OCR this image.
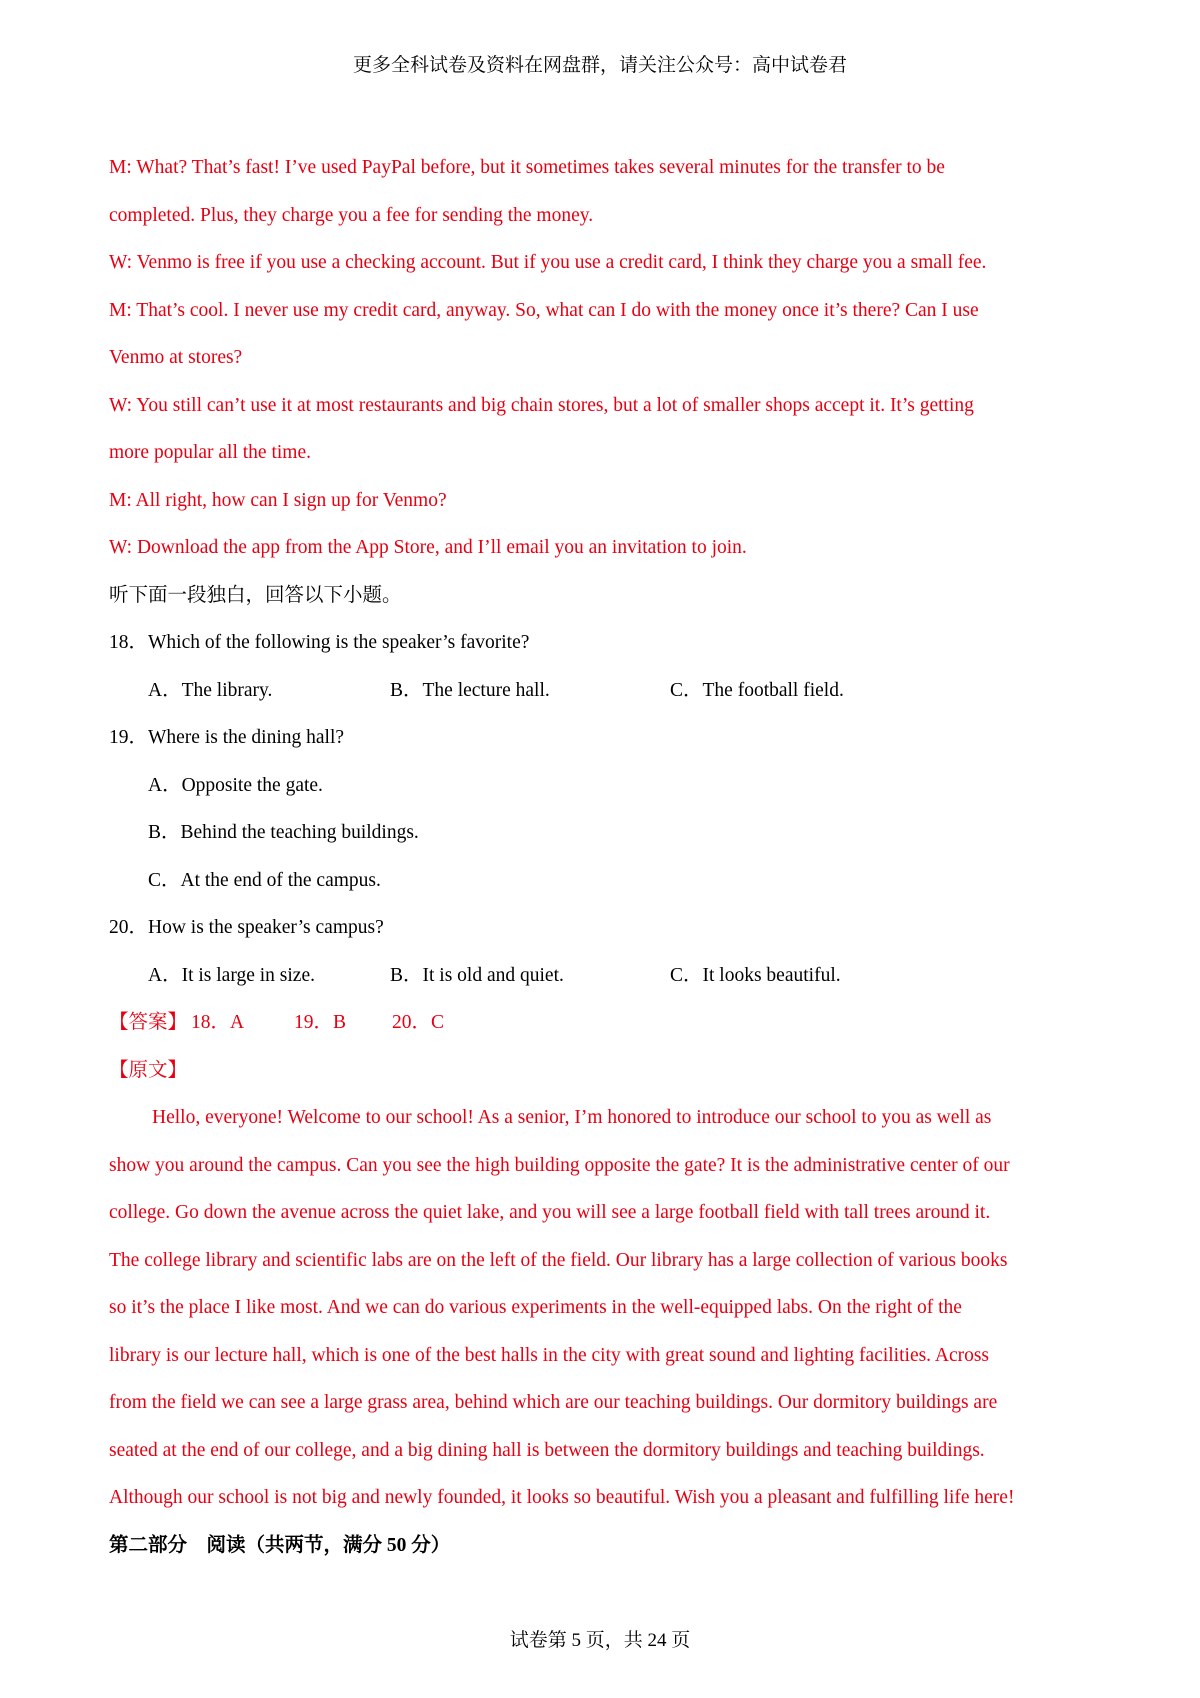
更多全科试卷及资料在网盘群，请关注公众号：高中试卷君
M: What? That’s fast! I’ve used PayPal before, but it sometimes takes several minutes for the transfer to be
completed. Plus, they charge you a fee for sending the money.
W: Venmo is free if you use a checking account. But if you use a credit card, I think they charge you a small fee.
M: That’s cool. I never use my credit card, anyway. So, what can I do with the money once it’s there? Can I use
Venmo at stores?
W: You still can’t use it at most restaurants and big chain stores, but a lot of smaller shops accept it. It’s getting
more popular all the time.
M: All right, how can I sign up for Venmo?
W: Download the app from the App Store, and I’ll email you an invitation to join.
听下面一段独白，回答以下小题。
18．Which of the following is the speaker’s favorite?
A．The library.	B．The lecture hall.	C．The football field.
19．Where is the dining hall?
A．Opposite the gate.
B．Behind the teaching buildings.
C．At the end of the campus.
20．How is the speaker’s campus?
A．It is large in size.	B．It is old and quiet.	C．It looks beautiful.
【答案】 18．A	19．B 20．C
【原文】
Hello, everyone! Welcome to our school! As a senior, I’m honored to introduce our school to you as well as
show you around the campus. Can you see the high building opposite the gate? It is the administrative center of our
college. Go down the avenue across the quiet lake, and you will see a large football field with tall trees around it.
The college library and scientific labs are on the left of the field. Our library has a large collection of various books
so it’s the place I like most. And we can do various experiments in the well-equipped labs. On the right of the
library is our lecture hall, which is one of the best halls in the city with great sound and lighting facilities. Across
from the field we can see a large grass area, behind which are our teaching buildings. Our dormitory buildings are
seated at the end of our college, and a big dining hall is between the dormitory buildings and teaching buildings.
Although our school is not big and newly founded, it looks so beautiful. Wish you a pleasant and fulfilling life here!
第二部分　阅读（共两节，满分 50 分）
试卷第 5 页，共 24 页
